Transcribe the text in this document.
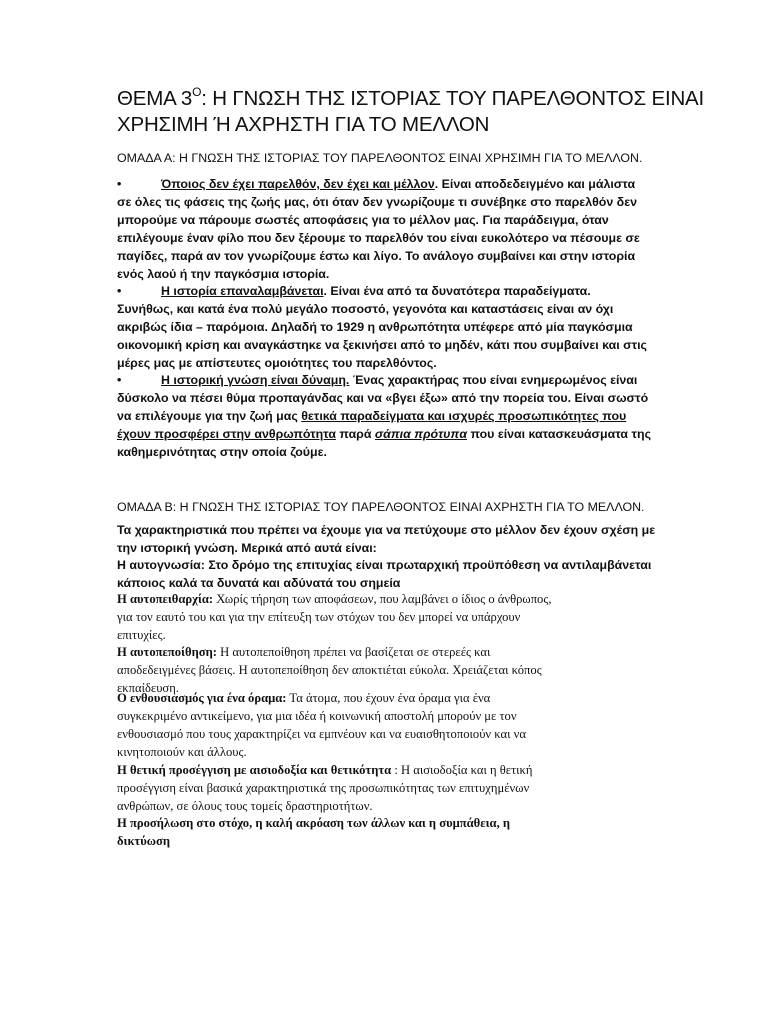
ΘΕΜΑ $3^O$: Η ΓΝΩΣΗ ΤΗΣ ΙΣΤΟΡΙΑΣ ΤΟΥ ΠΑΡΕΛΘΟΝΤΟΣ ΕΙΝΑΙ
ΧΡΗΣΙΜΗ Ή ΑΧΡΗΣΤΗ ΓΙΑ ΤΟ ΜΕΛΛΟΝ
ΟΜΑΔΑ Α: Η ΓΝΩΣΗ ΤΗΣ ΙΣΤΟΡΙΑΣ ΤΟΥ ΠΑΡΕΛΘΟΝΤΟΣ ΕΙΝΑΙ ΧΡΗΣΙΜΗ ΓΙΑ ΤΟ ΜΕΛΛΟΝ.
•	Όποιος δεν έχει παρελθόν, δεν έχει και μέλλον. Είναι αποδεδειγμένο και μάλιστα
σε όλες τις φάσεις της ζωής μας, ότι όταν δεν γνωρίζουμε τι συνέβηκε στο παρελθόν δεν
μπορούμε να πάρουμε σωστές αποφάσεις για το μέλλον μας. Για παράδειγμα, όταν
επιλέγουμε έναν φίλο που δεν ξέρουμε το παρελθόν του είναι ευκολότερο να πέσουμε σε
παγίδες, παρά αν τον γνωρίζουμε έστω και λίγο. Το ανάλογο συμβαίνει και στην ιστορία
ενός λαού ή την παγκόσμια ιστορία.
•	Η ιστορία επαναλαμβάνεται. Είναι ένα από τα δυνατότερα παραδείγματα.
Συνήθως, και κατά ένα πολύ μεγάλο ποσοστό, γεγονότα και καταστάσεις είναι αν όχι
ακριβώς ίδια – παρόμοια. Δηλαδή το 1929 η ανθρωπότητα υπέφερε από μία παγκόσμια
οικονομική κρίση και αναγκάστηκε να ξεκινήσει από το μηδέν, κάτι που συμβαίνει και στις
μέρες μας με απίστευτες ομοιότητες του παρελθόντος.
•	Η ιστορική γνώση είναι δύναμη. Ένας χαρακτήρας που είναι ενημερωμένος είναι
δύσκολο να πέσει θύμα προπαγάνδας και να «βγει έξω» από την πορεία του. Είναι σωστό
να επιλέγουμε για την ζωή μας θετικά παραδείγματα και ισχυρές προσωπικότητες που
έχουν προσφέρει στην ανθρωπότητα παρά σάπια πρότυπα που είναι κατασκευάσματα της
καθημερινότητας στην οποία ζούμε.
ΟΜΑΔΑ Β: Η ΓΝΩΣΗ ΤΗΣ ΙΣΤΟΡΙΑΣ ΤΟΥ ΠΑΡΕΛΘΟΝΤΟΣ ΕΙΝΑΙ ΑΧΡΗΣΤΗ ΓΙΑ ΤΟ ΜΕΛΛΟΝ.
Τα χαρακτηριστικά που πρέπει να έχουμε για να πετύχουμε στο μέλλον δεν έχουν σχέση με
την ιστορική γνώση. Μερικά από αυτά είναι:
Η αυτογνωσία: Στο δρόμο της επιτυχίας είναι πρωταρχική προϋπόθεση να αντιλαμβάνεται
κάποιος καλά τα δυνατά και αδύνατά του σημεία
Η αυτοπειθαρχία: Χωρίς τήρηση των αποφάσεων, που λαμβάνει ο ίδιος ο άνθρωπος,
για τον εαυτό του και για την επίτευξη των στόχων του δεν μπορεί να υπάρχουν
επιτυχίες.
Η αυτοπεποίθηση: Η αυτοπεποίθηση πρέπει να βασίζεται σε στερεές και
αποδεδειγμένες βάσεις. Η αυτοπεποίθηση δεν αποκτιέται εύκολα. Χρειάζεται κόπος
εκπαίδευση.
Ο ενθουσιασμός για ένα όραμα: Τα άτομα, που έχουν ένα όραμα για ένα
συγκεκριμένο αντικείμενο, για μια ιδέα ή κοινωνική αποστολή μπορούν με τον
ενθουσιασμό που τους χαρακτηρίζει να εμπνέουν και να ευαισθητοποιούν και να
κινητοποιούν και άλλους.
Η θετική προσέγγιση με αισιοδοξία και θετικότητα : Η αισιοδοξία και η θετική
προσέγγιση είναι βασικά χαρακτηριστικά της προσωπικότητας των επιτυχημένων
ανθρώπων, σε όλους τους τομείς δραστηριοτήτων.
Η προσήλωση στο στόχο, η καλή ακρόαση των άλλων και η συμπάθεια, η
δικτύωση
